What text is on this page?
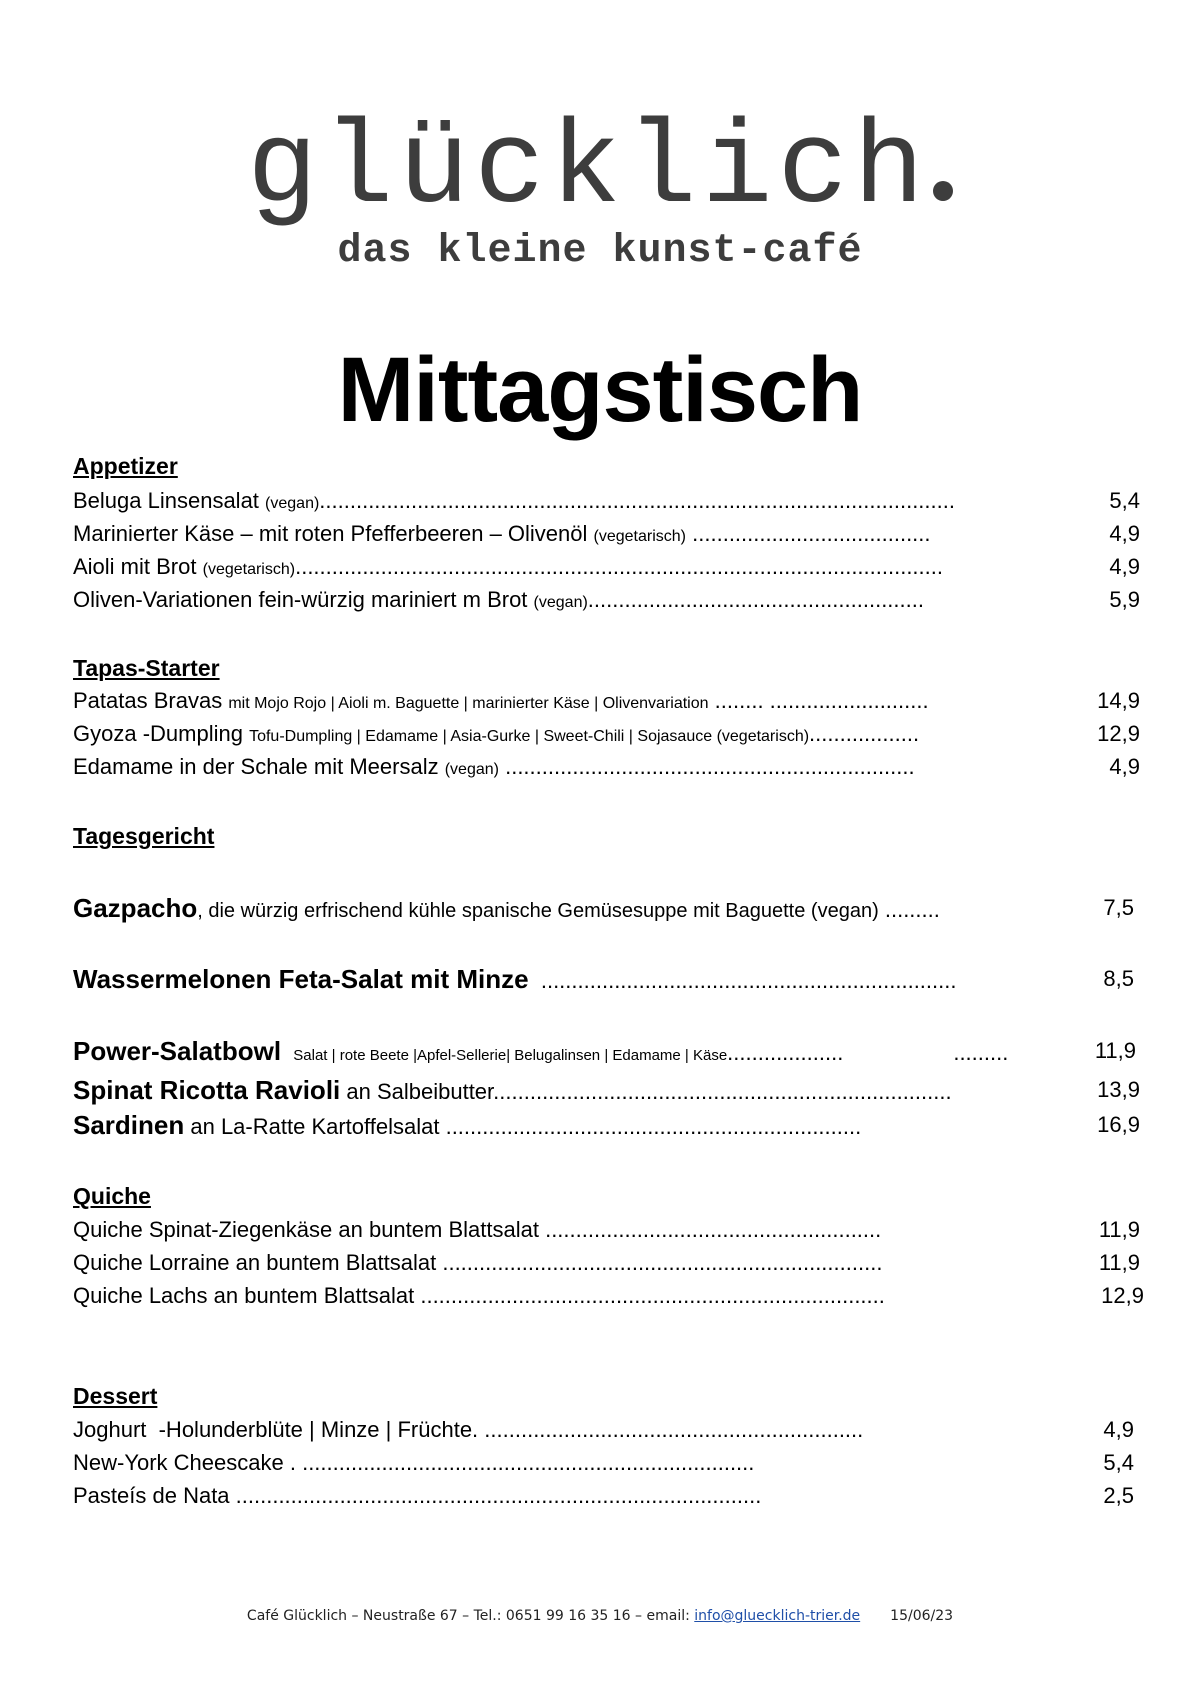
glücklich
das kleine kunst-café
Mittagstisch
Appetizer
Beluga Linsensalat (vegan)........................................................................................................	5,4
Marinierter Käse – mit roten Pfefferbeeren – Olivenöl (vegetarisch) .......................................	4,9
Aioli mit Brot (vegetarisch)..........................................................................................................	4,9
Oliven-Variationen fein-würzig mariniert m Brot (vegan).......................................................	5,9
Tapas-Starter
Patatas Bravas mit Mojo Rojo | Aioli m. Baguette | marinierter Käse | Olivenvariation ........ ..........................	14,9
Gyoza -Dumpling Tofu-Dumpling | Edamame | Asia-Gurke | Sweet-Chili | Sojasauce (vegetarisch)..................	12,9
Edamame in der Schale mit Meersalz (vegan) ...................................................................	4,9
Tagesgericht
Gazpacho, die würzig erfrischend kühle spanische Gemüsesuppe mit Baguette (vegan) .........	7,5
Wassermelonen Feta-Salat mit Minze ....................................................................	8,5
Power-Salatbowl Salat | rote Beete |Apfel-Sellerie| Belugalinsen | Edamame | Käse...................                  .........	11,9
Spinat Ricotta Ravioli an Salbeibutter...........................................................................	13,9
Sardinen an La-Ratte Kartoffelsalat ....................................................................	16,9
Quiche
Quiche Spinat-Ziegenkäse an buntem Blattsalat .......................................................	11,9
Quiche Lorraine an buntem Blattsalat ........................................................................	11,9
Quiche Lachs an buntem Blattsalat ............................................................................	12,9
Dessert
Joghurt  -Holunderblüte | Minze | Früchte. ..............................................................	4,9
New-York Cheescake . ..........................................................................	5,4
Pasteís de Nata ......................................................................................	2,5
Café Glücklich – Neustraße 67 – Tel.: 0651 99 16 35 16 – email: info@gluecklich-trier.de 15/06/23
